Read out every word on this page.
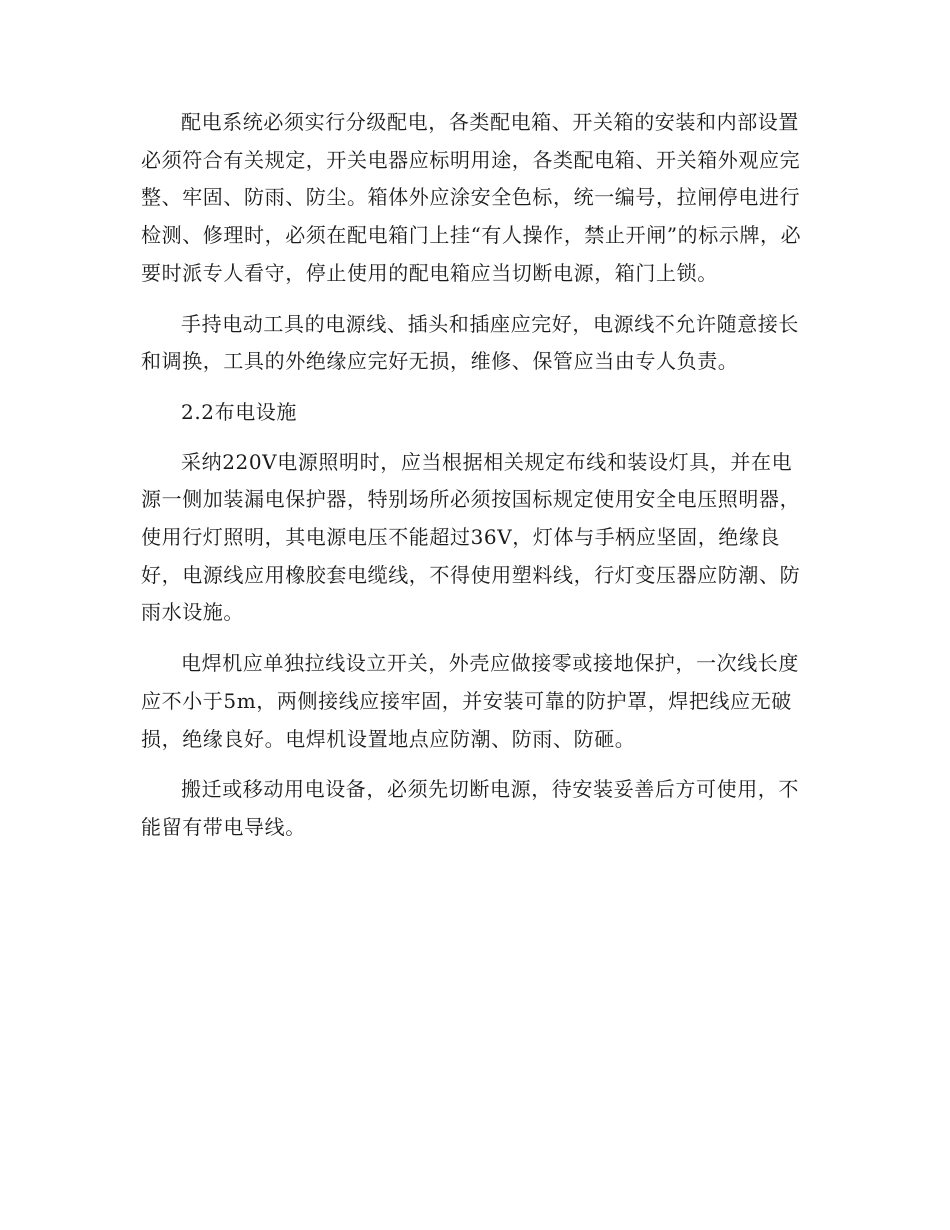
配电系统必须实行分级配电，各类配电箱、开关箱的安装和内部设置必须符合有关规定，开关电器应标明用途，各类配电箱、开关箱外观应完整、牢固、防雨、防尘。箱体外应涂安全色标，统一编号，拉闸停电进行检测、修理时，必须在配电箱门上挂“有人操作，禁止开闸”的标示牌，必要时派专人看守，停止使用的配电箱应当切断电源，箱门上锁。

手持电动工具的电源线、插头和插座应完好，电源线不允许随意接长和调换，工具的外绝缘应完好无损，维修、保管应当由专人负责。

2.2布电设施

采纳220V电源照明时，应当根据相关规定布线和装设灯具，并在电源一侧加装漏电保护器，特别场所必须按国标规定使用安全电压照明器，使用行灯照明，其电源电压不能超过36V，灯体与手柄应坚固，绝缘良好，电源线应用橡胶套电缆线，不得使用塑料线，行灯变压器应防潮、防雨水设施。

电焊机应单独拉线设立开关，外壳应做接零或接地保护，一次线长度应不小于5m，两侧接线应接牢固，并安装可靠的防护罩，焊把线应无破损，绝缘良好。电焊机设置地点应防潮、防雨、防砸。

搬迁或移动用电设备，必须先切断电源，待安装妥善后方可使用，不能留有带电导线。
